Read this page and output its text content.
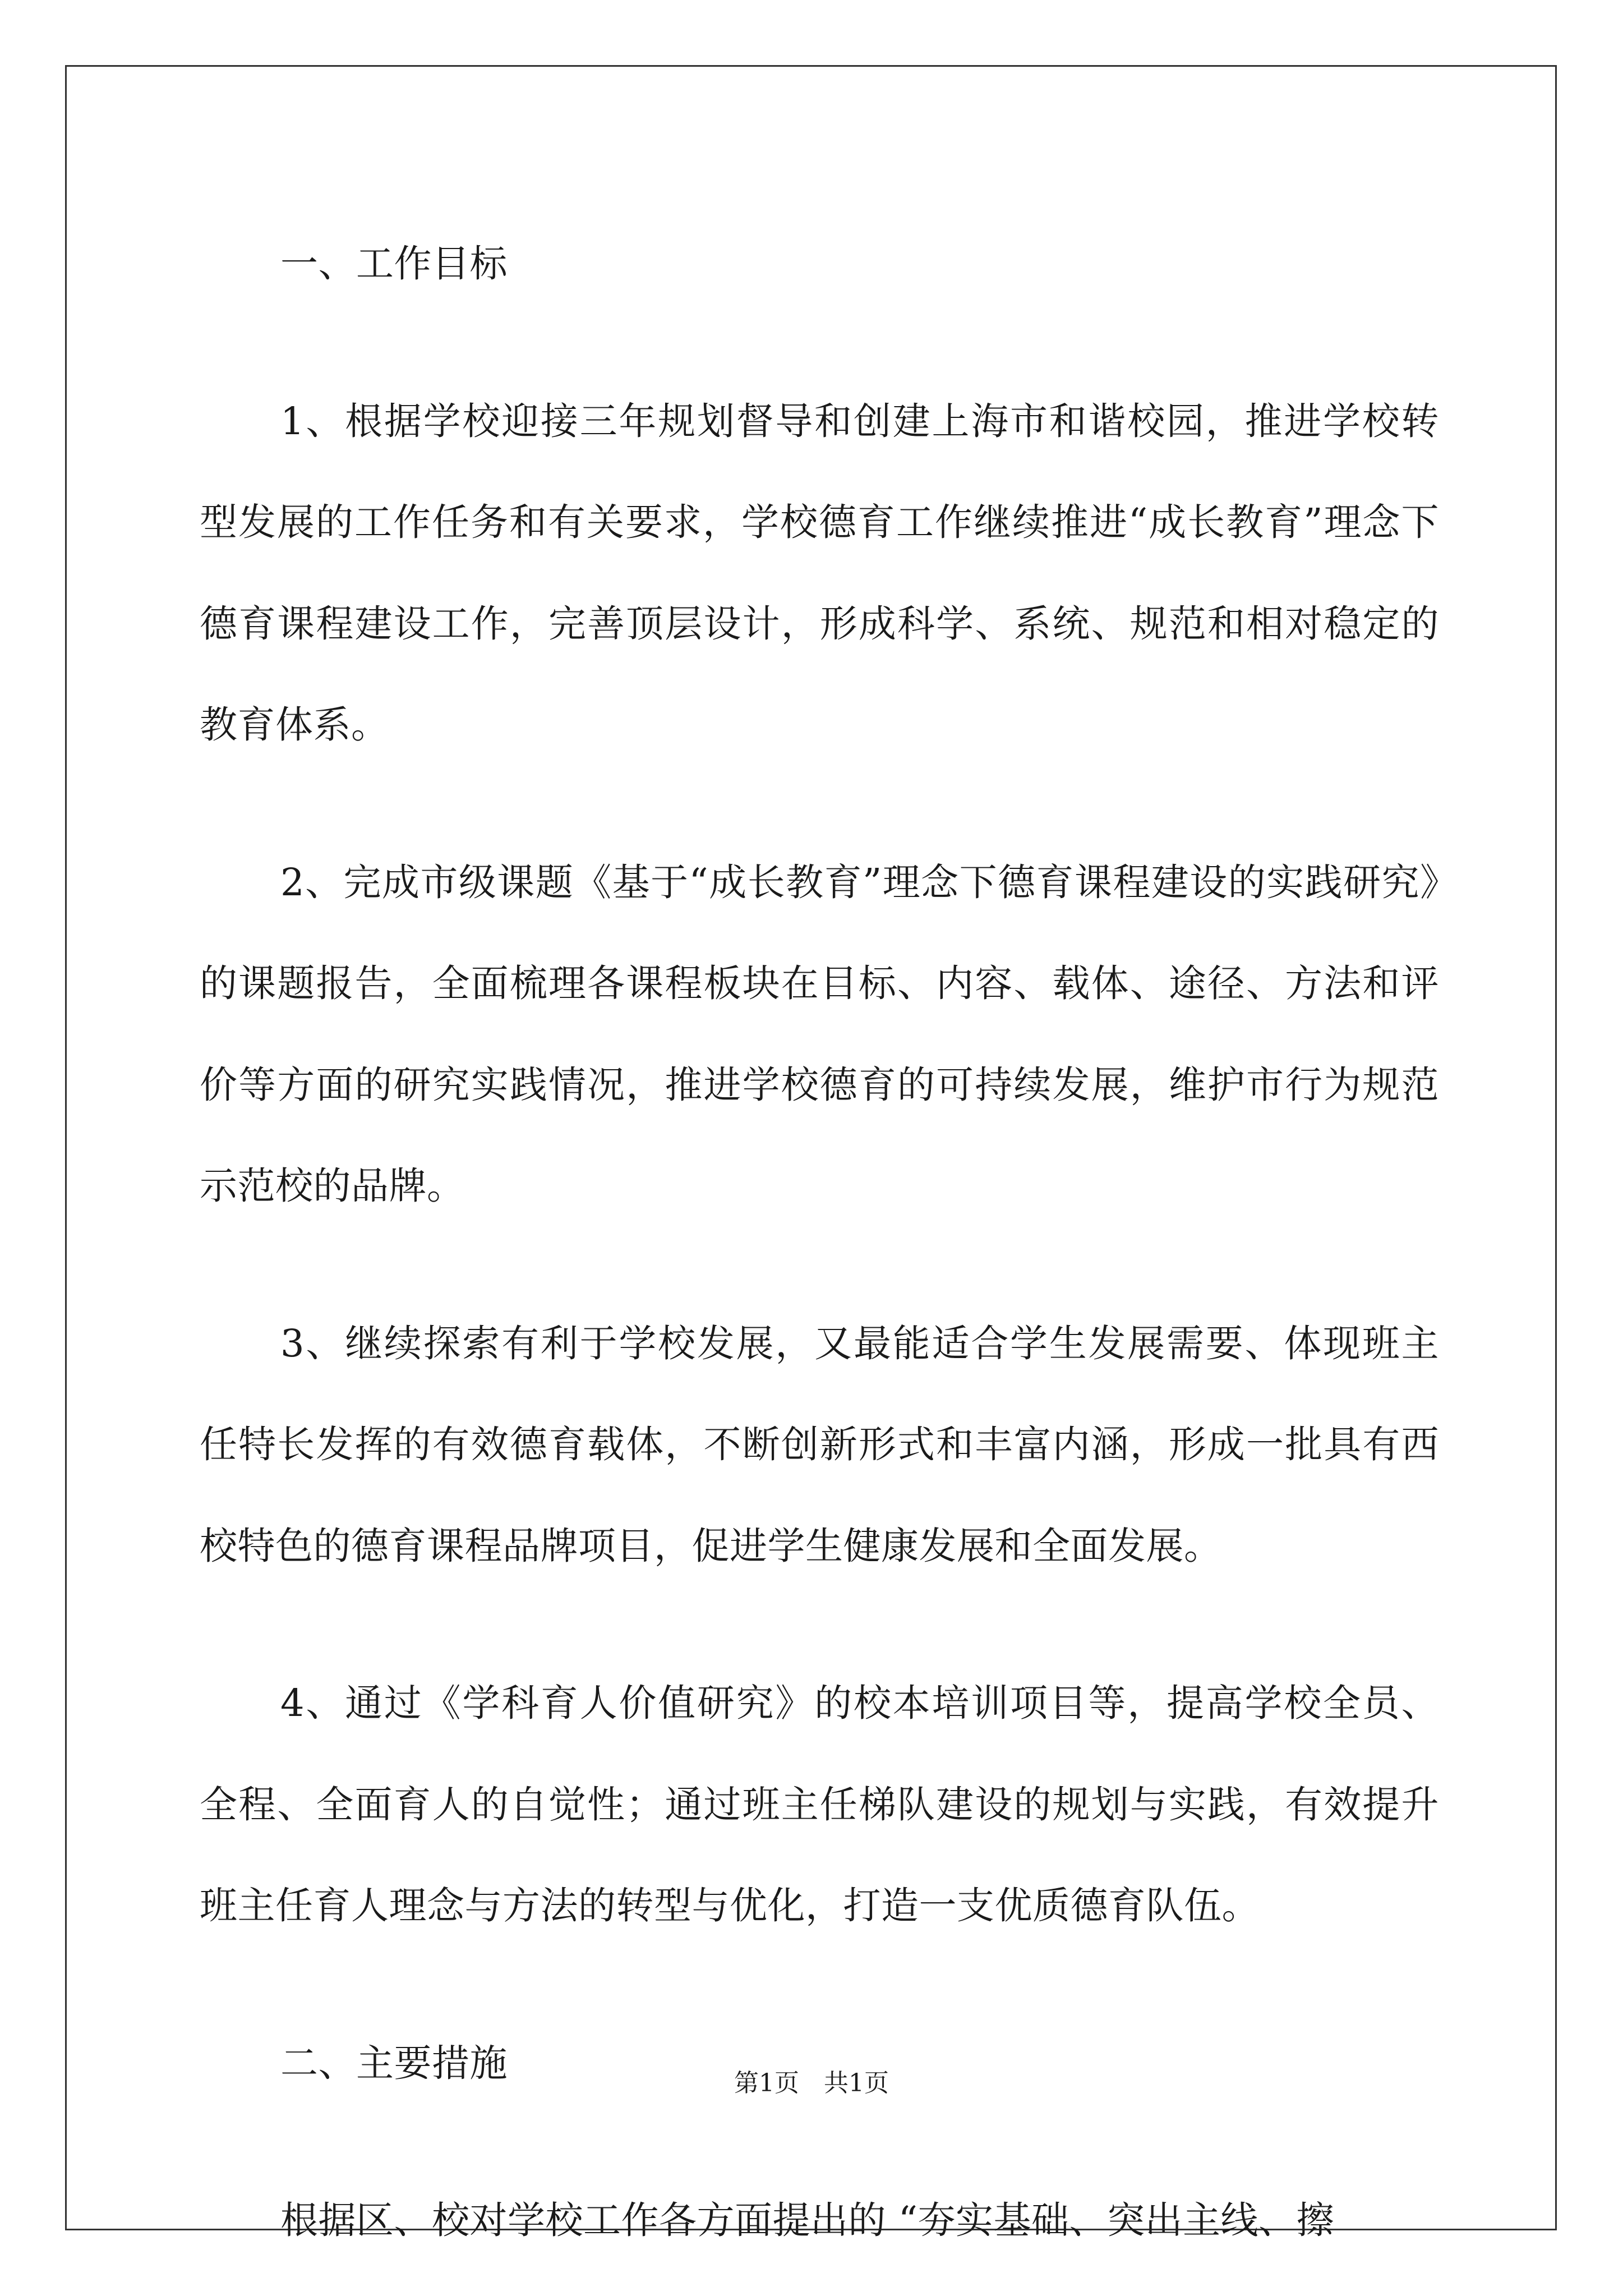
一、工作目标

1、根据学校迎接三年规划督导和创建上海市和谐校园，推进学校转型发展的工作任务和有关要求，学校德育工作继续推进“成长教育”理念下德育课程建设工作，完善顶层设计，形成科学、系统、规范和相对稳定的教育体系。

2、完成市级课题《基于“成长教育”理念下德育课程建设的实践研究》的课题报告，全面梳理各课程板块在目标、内容、载体、途径、方法和评价等方面的研究实践情况，推进学校德育的可持续发展，维护市行为规范示范校的品牌。

3、继续探索有利于学校发展，又最能适合学生发展需要、体现班主任特长发挥的有效德育载体，不断创新形式和丰富内涵，形成一批具有西校特色的德育课程品牌项目，促进学生健康发展和全面发展。

4、通过《学科育人价值研究》的校本培训项目等，提高学校全员、全程、全面育人的自觉性；通过班主任梯队建设的规划与实践，有效提升班主任育人理念与方法的转型与优化，打造一支优质德育队伍。

二、主要措施

根据区、校对学校工作各方面提出的 “夯实基础、突出主线、擦

第1页　共1页
